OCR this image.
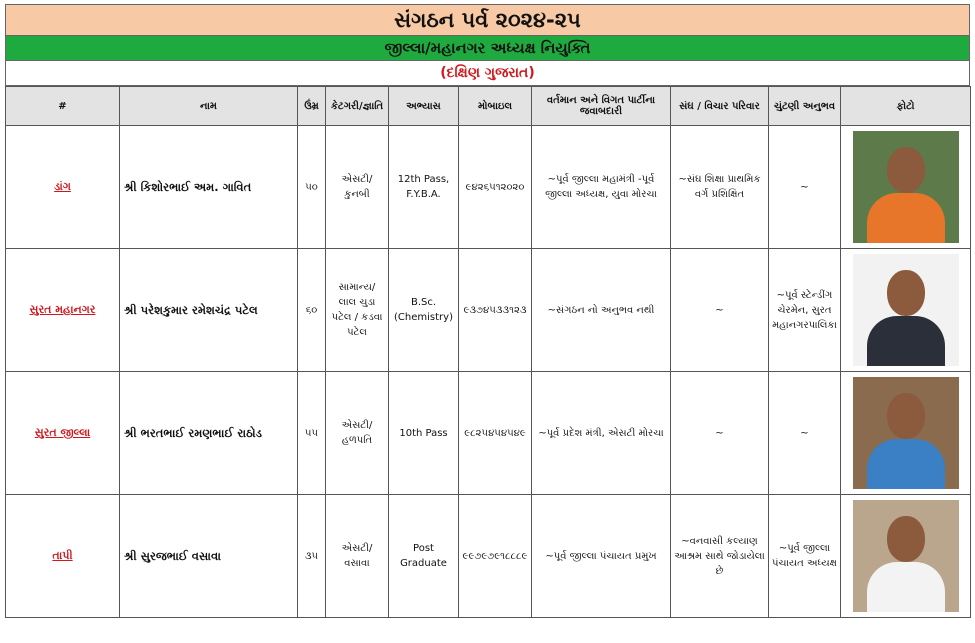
સંગઠન પર્વ ૨૦૨૪-૨૫
જીલ્લા/મહાનગર અધ્યક્ષ નિયુક્તિ
(દક્ષિણ ગુજરાત)
#	નામ	ઉંમ્ર	કેટગરી/જ્ઞાતિ	અભ્યાસ	મોબાઇલ	વર્તમાન અને વિગત પાર્ટીના જવાબદારી	સંઘ / વિચાર પરિવાર	ચુંટણી અનુભવ	ફોટો
ડાંગ	શ્રી કિશોરભાઈ અમ. ગાવિત	૫૦	એસટી/ કુનબી	12th Pass, F.Y.B.A.	૯૪૨૬૫૧૨૦૨૦	~પૂર્વ જીલ્લા મહામંત્રી -પૂર્વ જીલ્લા અધ્યક્ષ, યુવા મોરચા	~સંઘ શિક્ષા પ્રાથમિક વર્ગ પ્રશિક્ષિત	~	

સુરત મહાનગર	શ્રી પરેશકુમાર રમેશચંદ્ર પટેલ	૬૦	સામાન્ય/ લાલ ચુડા પટેલ / કડવા પટેલ	B.Sc. (Chemistry)	૯૩૭૪૫૩૩૧૨૩	~સંગઠન નો અનુભવ નથી	~	~પૂર્વ સ્ટેન્ડીંગ ચેરમેન, સુરત મહાનગરપાલિકા	

સુરત જીલ્લા	શ્રી ભરતભાઈ રમણભાઈ રાઠોડ	૫૫	એસટી/ હળપતિ	10th Pass	૯૮૨૫૪૫૪૫૪૯	~પૂર્વ પ્રદેશ મંત્રી, એસટી મોરચા	~	~	

તાપી	શ્રી સુરજભાઈ વસાવા	૩૫	એસટી/ વસાવા	Post Graduate	૯૯૭૯૭૯૧૮૮૮૯	~પૂર્વ જીલ્લા પંચાયત પ્રમુખ	~વનવાસી કલ્યાણ આશ્રમ સાથે જોડાયેલા છે	~પૂર્વ જીલ્લા પંચાયત અધ્યક્ષ	
